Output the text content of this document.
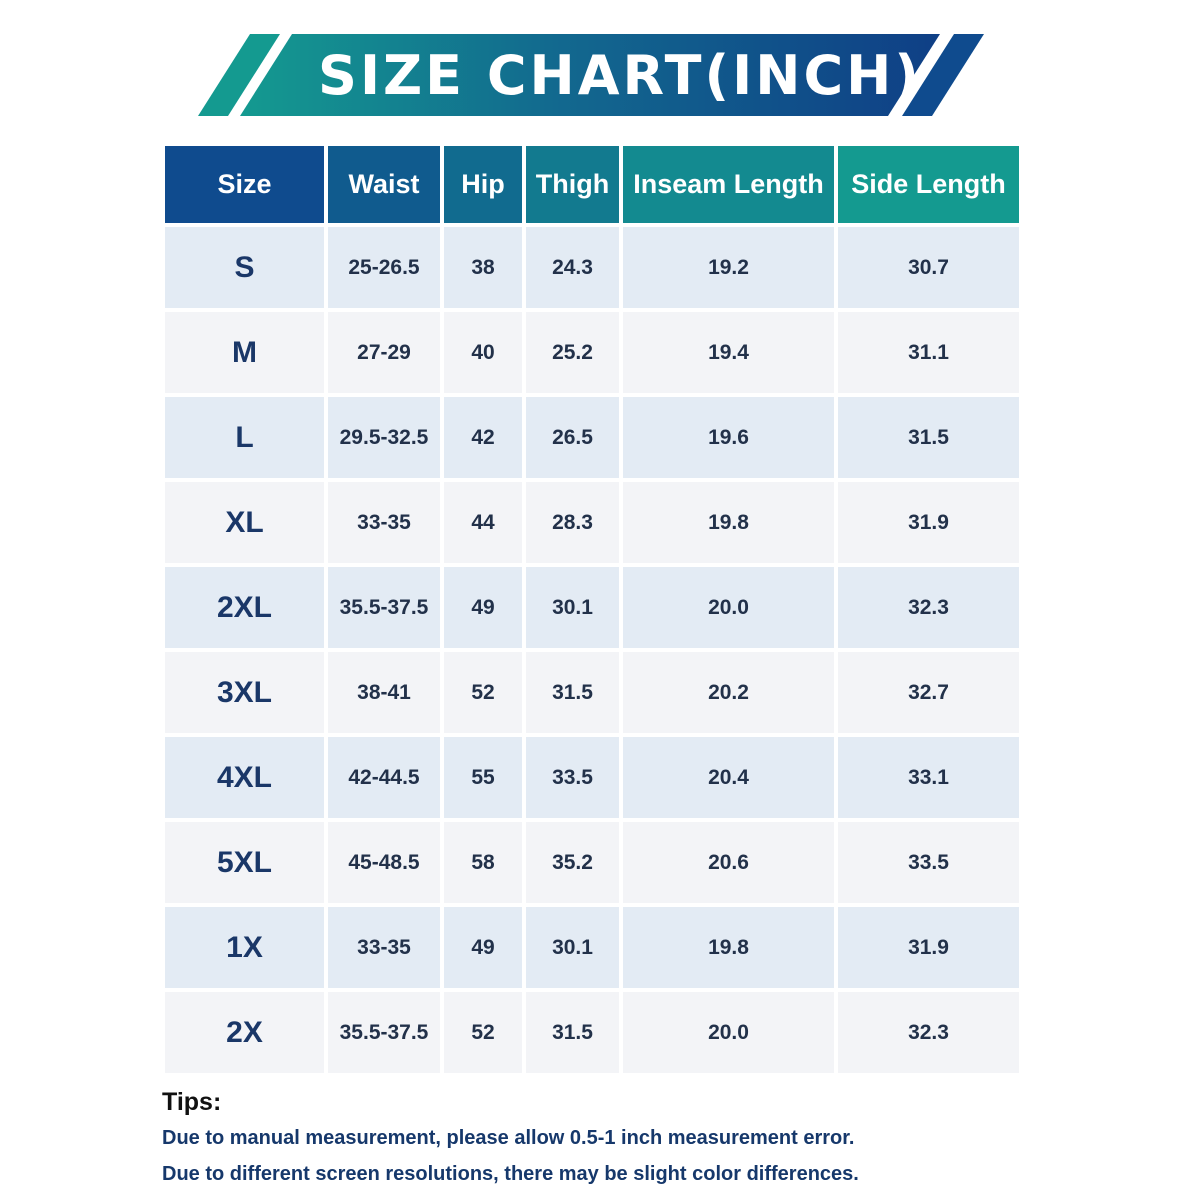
SIZE CHART(INCH)
Size	Waist	Hip	Thigh	Inseam Length	Side Length
S	25-26.5	38	24.3	19.2	30.7
M	27-29	40	25.2	19.4	31.1
L	29.5-32.5	42	26.5	19.6	31.5
XL	33-35	44	28.3	19.8	31.9
2XL	35.5-37.5	49	30.1	20.0	32.3
3XL	38-41	52	31.5	20.2	32.7
4XL	42-44.5	55	33.5	20.4	33.1
5XL	45-48.5	58	35.2	20.6	33.5
1X	33-35	49	30.1	19.8	31.9
2X	35.5-37.5	52	31.5	20.0	32.3
Tips:
Due to manual measurement, please allow 0.5-1 inch measurement error.
Due to different screen resolutions, there may be slight color differences.
